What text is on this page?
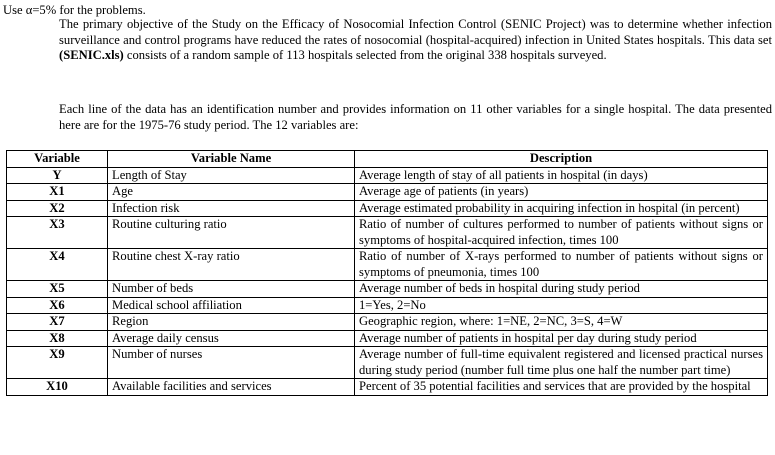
Use α=5% for the problems.
The primary objective of the Study on the Efficacy of Nosocomial Infection Control (SENIC Project) was to determine whether infection surveillance and control programs have reduced the rates of nosocomial (hospital-acquired) infection in United States hospitals. This data set (SENIC.xls) consists of a random sample of 113 hospitals selected from the original 338 hospitals surveyed.
Each line of the data has an identification number and provides information on 11 other variables for a single hospital. The data presented here are for the 1975-76 study period. The 12 variables are:
Variable	Variable Name	Description
Y	Length of Stay	Average length of stay of all patients in hospital (in days)
X1	Age	Average age of patients (in years)
X2	Infection risk	Average estimated probability in acquiring infection in hospital (in percent)
X3	Routine culturing ratio	Ratio of number of cultures performed to number of patients without signs or symptoms of hospital-acquired infection, times 100
X4	Routine chest X-ray ratio	Ratio of number of X-rays performed to number of patients without signs or symptoms of pneumonia, times 100
X5	Number of beds	Average number of beds in hospital during study period
X6	Medical school affiliation	1=Yes, 2=No
X7	Region	Geographic region, where: 1=NE, 2=NC, 3=S, 4=W
X8	Average daily census	Average number of patients in hospital per day during study period
X9	Number of nurses	Average number of full-time equivalent registered and licensed practical nurses during study period (number full time plus one half the number part time)
X10	Available facilities and services	Percent of 35 potential facilities and services that are provided by the hospital
